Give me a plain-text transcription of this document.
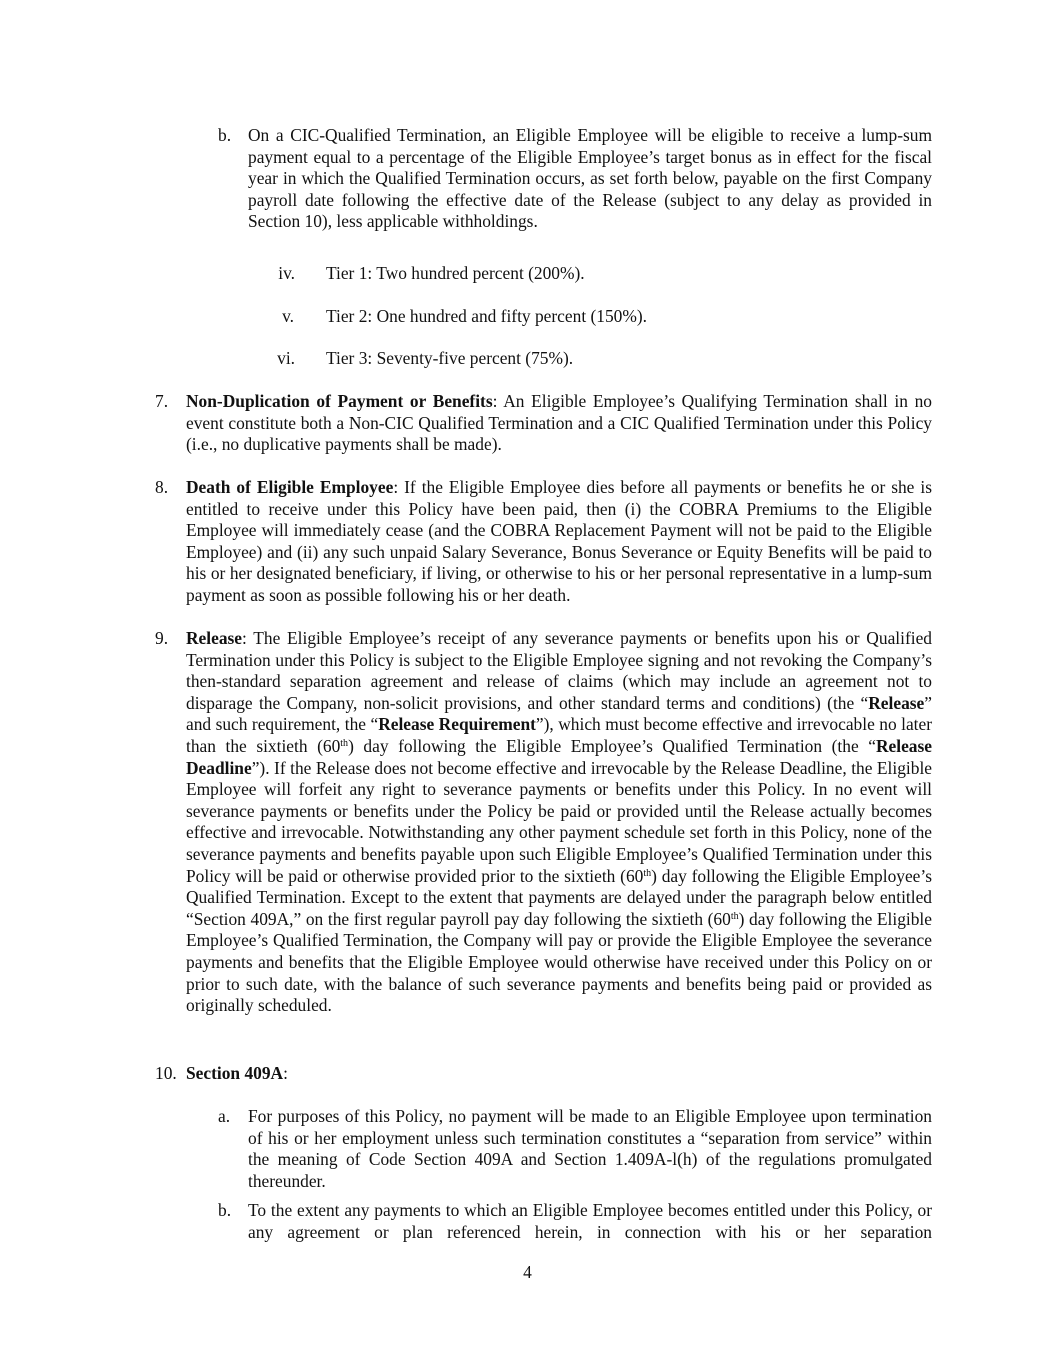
b. On a CIC-Qualified Termination, an Eligible Employee will be eligible to receive a lump-sum payment equal to a percentage of the Eligible Employee’s target bonus as in effect for the fiscal year in which the Qualified Termination occurs, as set forth below, payable on the first Company payroll date following the effective date of the Release (subject to any delay as provided in Section 10), less applicable withholdings.
iv. Tier 1: Two hundred percent (200%).
v. Tier 2: One hundred and fifty percent (150%).
vi. Tier 3: Seventy-five percent (75%).
7. Non-Duplication of Payment or Benefits: An Eligible Employee’s Qualifying Termination shall in no event constitute both a Non-CIC Qualified Termination and a CIC Qualified Termination under this Policy (i.e., no duplicative payments shall be made).
8. Death of Eligible Employee: If the Eligible Employee dies before all payments or benefits he or she is entitled to receive under this Policy have been paid, then (i) the COBRA Premiums to the Eligible Employee will immediately cease (and the COBRA Replacement Payment will not be paid to the Eligible Employee) and (ii) any such unpaid Salary Severance, Bonus Severance or Equity Benefits will be paid to his or her designated beneficiary, if living, or otherwise to his or her personal representative in a lump-sum payment as soon as possible following his or her death.
9. Release: The Eligible Employee’s receipt of any severance payments or benefits upon his or Qualified Termination under this Policy is subject to the Eligible Employee signing and not revoking the Company’s then-standard separation agreement and release of claims (which may include an agreement not to disparage the Company, non-solicit provisions, and other standard terms and conditions) (the “Release” and such requirement, the “Release Requirement”), which must become effective and irrevocable no later than the sixtieth (60th) day following the Eligible Employee’s Qualified Termination (the “Release Deadline”). If the Release does not become effective and irrevocable by the Release Deadline, the Eligible Employee will forfeit any right to severance payments or benefits under this Policy. In no event will severance payments or benefits under the Policy be paid or provided until the Release actually becomes effective and irrevocable. Notwithstanding any other payment schedule set forth in this Policy, none of the severance payments and benefits payable upon such Eligible Employee’s Qualified Termination under this Policy will be paid or otherwise provided prior to the sixtieth (60th) day following the Eligible Employee’s Qualified Termination. Except to the extent that payments are delayed under the paragraph below entitled “Section 409A,” on the first regular payroll pay day following the sixtieth (60th) day following the Eligible Employee’s Qualified Termination, the Company will pay or provide the Eligible Employee the severance payments and benefits that the Eligible Employee would otherwise have received under this Policy on or prior to such date, with the balance of such severance payments and benefits being paid or provided as originally scheduled.
10. Section 409A:
a. For purposes of this Policy, no payment will be made to an Eligible Employee upon termination of his or her employment unless such termination constitutes a “separation from service” within the meaning of Code Section 409A and Section 1.409A-l(h) of the regulations promulgated thereunder.
b. To the extent any payments to which an Eligible Employee becomes entitled under this Policy, or any agreement or plan referenced herein, in connection with his or her separation
4
